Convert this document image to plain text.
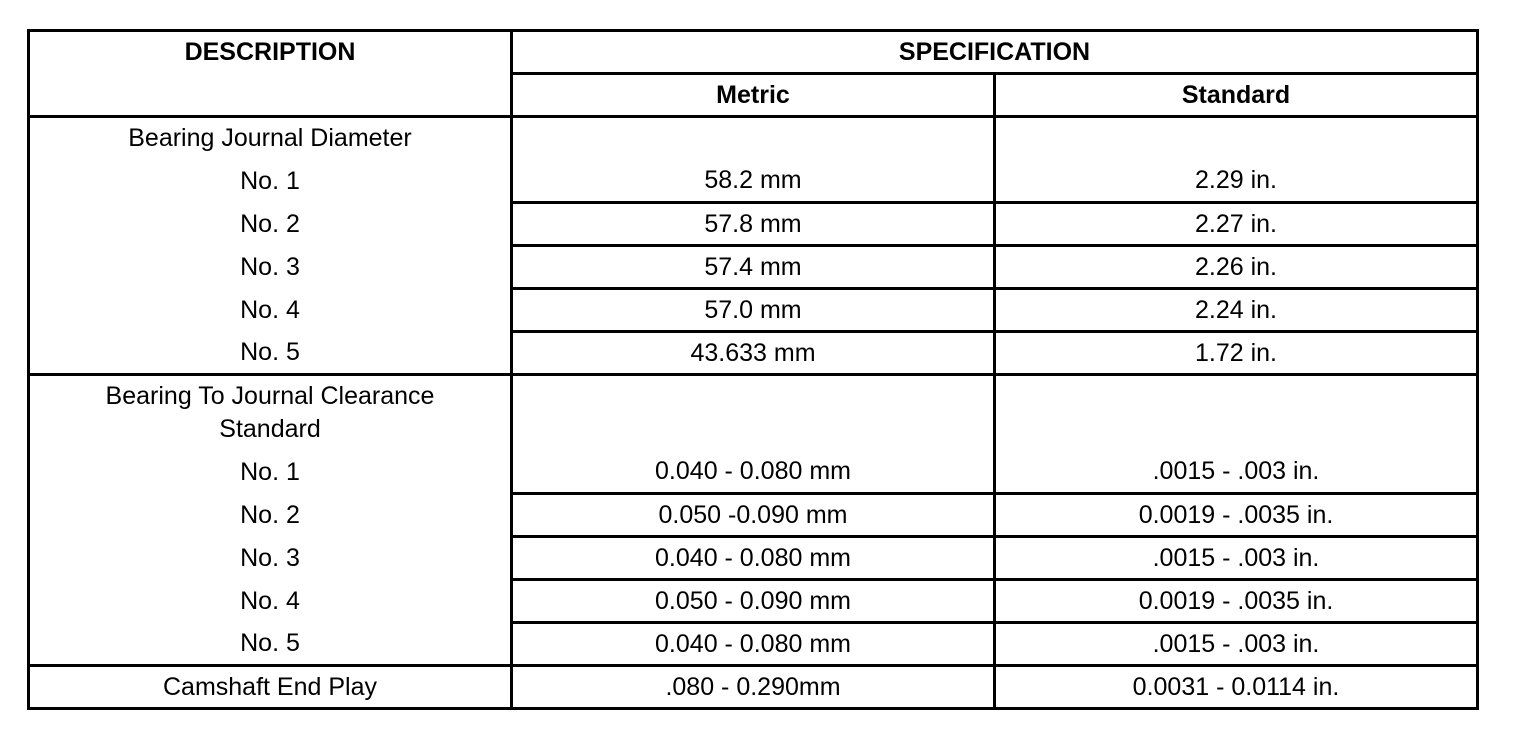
DESCRIPTION	SPECIFICATION	
	Metric	Standard
Bearing Journal Diameter		
No. 1	58.2 mm	2.29 in.
No. 2	57.8 mm	2.27 in.
No. 3	57.4 mm	2.26 in.
No. 4	57.0 mm	2.24 in.
No. 5	43.633 mm	1.72 in.

Bearing To Journal Clearance
Standard		

No. 1	0.040 - 0.080 mm	.0015 - .003 in.
No. 2	0.050 -0.090 mm	0.0019 - .0035 in.
No. 3	0.040 - 0.080 mm	.0015 - .003 in.
No. 4	0.050 - 0.090 mm	0.0019 - .0035 in.
No. 5	0.040 - 0.080 mm	.0015 - .003 in.
Camshaft End Play	.080 - 0.290mm	0.0031 - 0.0114 in.
